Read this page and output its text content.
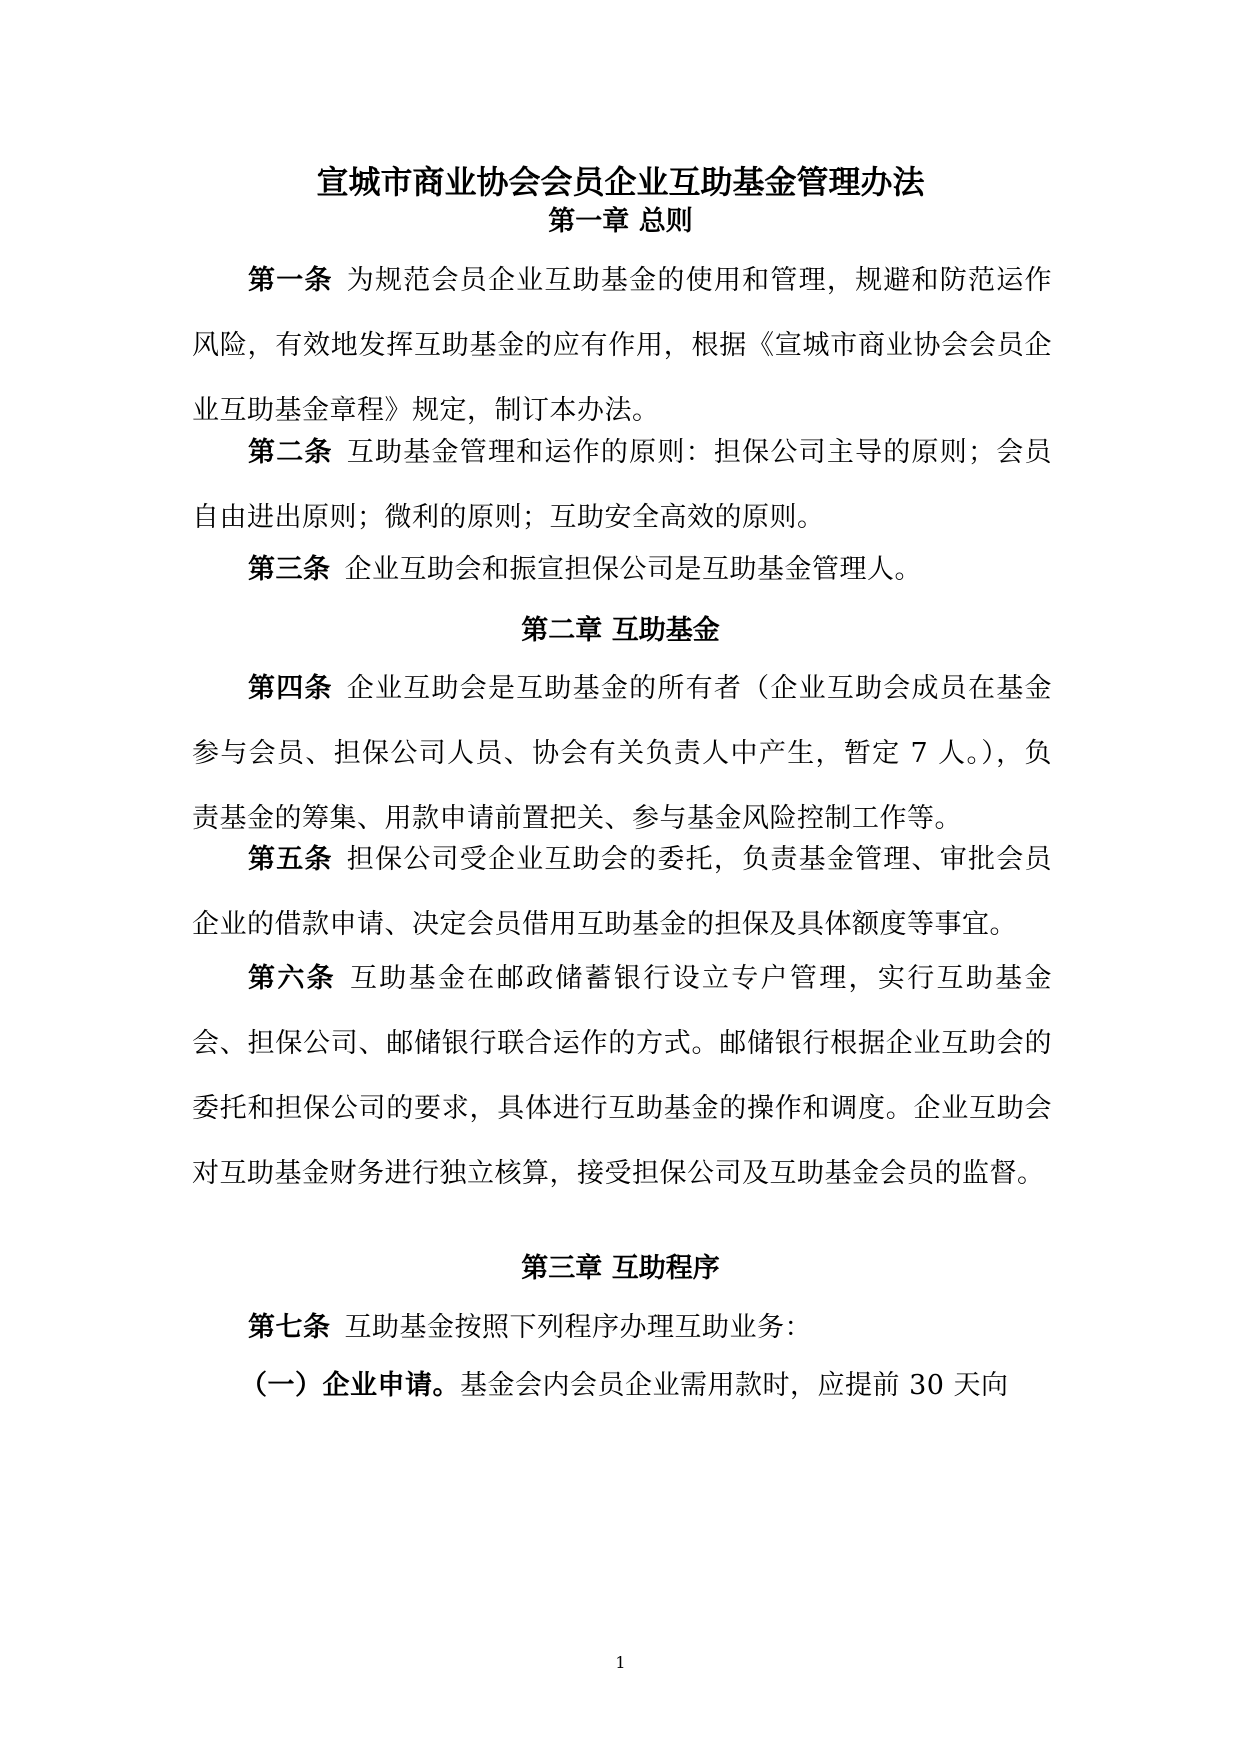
宣城市商业协会会员企业互助基金管理办法
第一章 总则
第一条 为规范会员企业互助基金的使用和管理，规避和防范运作风险，有效地发挥互助基金的应有作用，根据《宣城市商业协会会员企业互助基金章程》规定，制订本办法。
第二条 互助基金管理和运作的原则：担保公司主导的原则；会员自由进出原则；微利的原则；互助安全高效的原则。
第三条 企业互助会和振宣担保公司是互助基金管理人。
第二章 互助基金
第四条 企业互助会是互助基金的所有者（企业互助会成员在基金参与会员、担保公司人员、协会有关负责人中产生，暂定 7 人。），负责基金的筹集、用款申请前置把关、参与基金风险控制工作等。
第五条 担保公司受企业互助会的委托，负责基金管理、审批会员企业的借款申请、决定会员借用互助基金的担保及具体额度等事宜。
第六条 互助基金在邮政储蓄银行设立专户管理，实行互助基金会、担保公司、邮储银行联合运作的方式。邮储银行根据企业互助会的委托和担保公司的要求，具体进行互助基金的操作和调度。企业互助会对互助基金财务进行独立核算，接受担保公司及互助基金会员的监督。
第三章 互助程序
第七条 互助基金按照下列程序办理互助业务：
（一）企业申请。基金会内会员企业需用款时，应提前 30 天向
1
